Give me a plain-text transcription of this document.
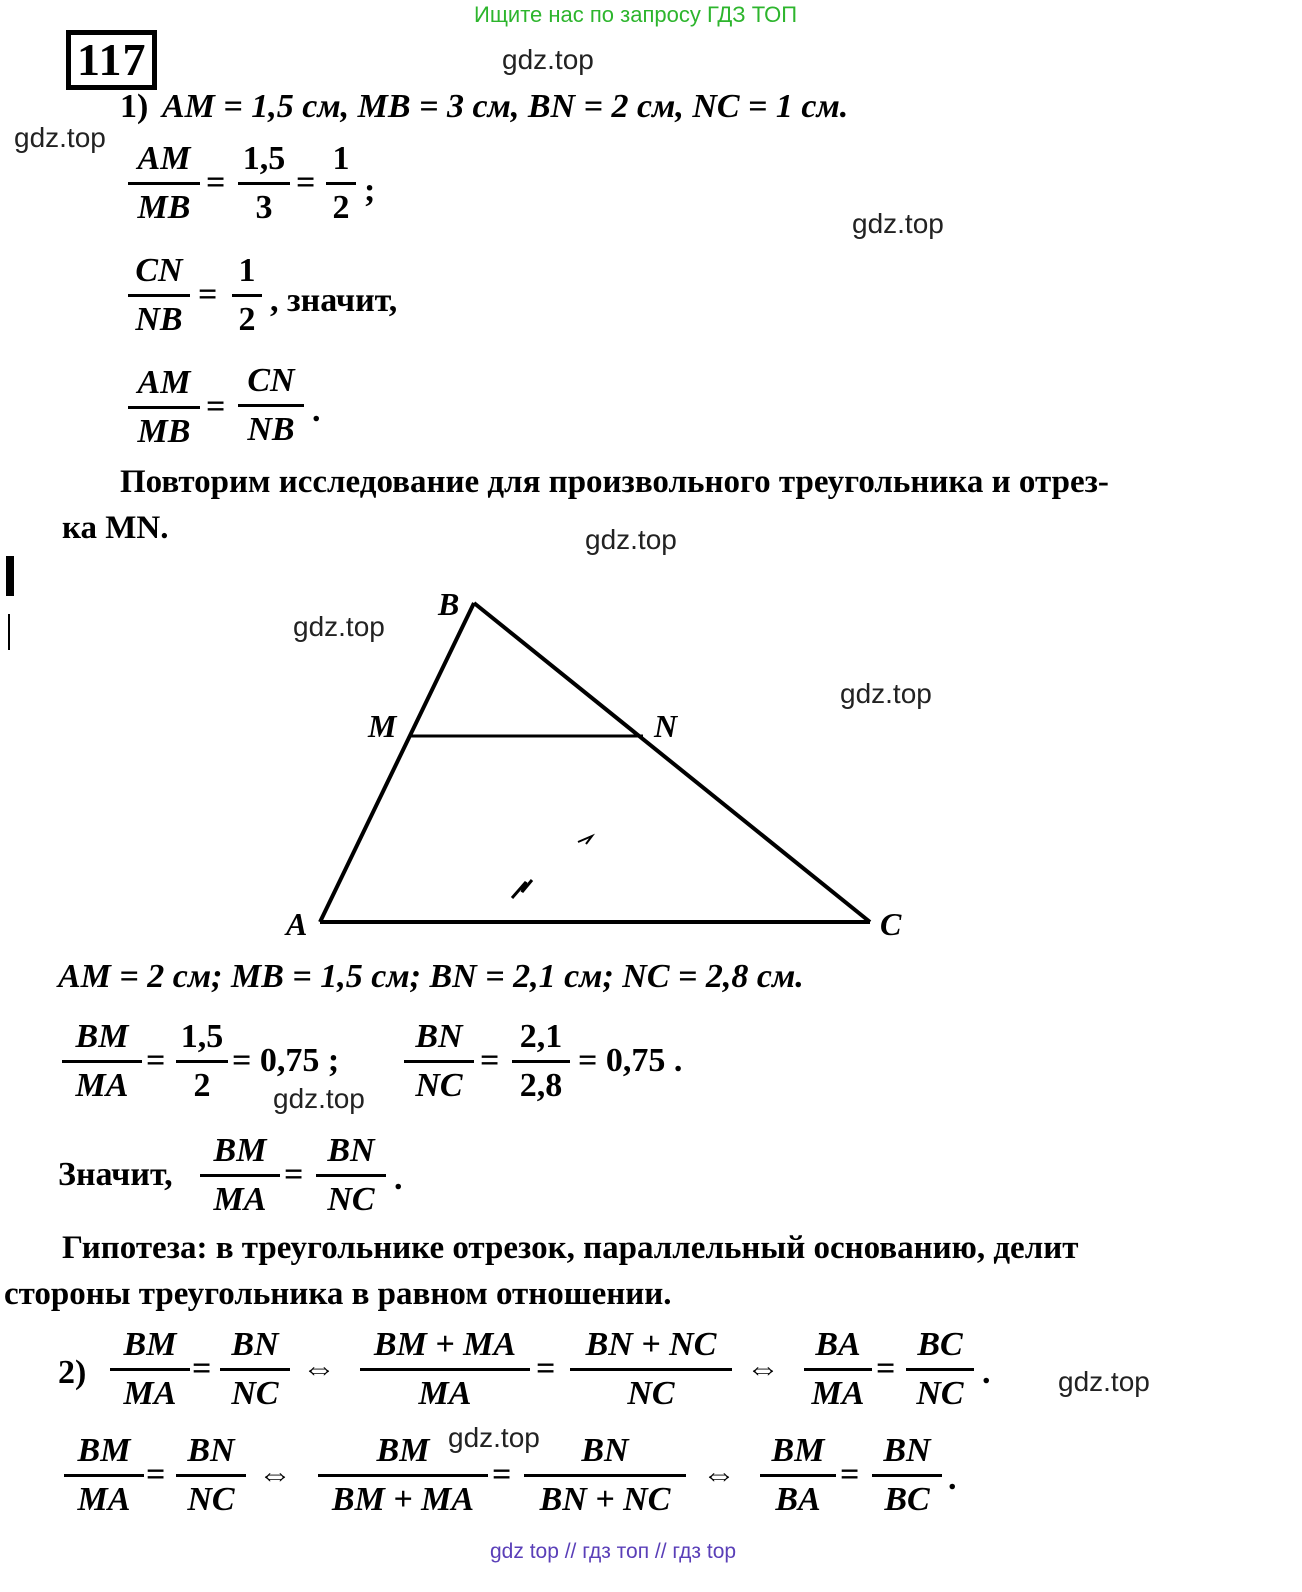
Ищите нас по запросу ГДЗ ТОП
gdz top // гдз топ // гдз top
gdz.top
gdz.top
gdz.top
gdz.top
gdz.top
gdz.top
gdz.top
gdz.top
gdz.top
117
1) AM = 1,5 см, MB = 3 см, BN = 2 см, NC = 1 см.
$\frac{AM}{MB} = \frac{1,5}{3} = \frac{1}{2}$ ;
$\frac{CN}{NB} = \frac{1}{2}$ , значит,
$\frac{AM}{MB} = \frac{CN}{NB}$ .
Повторим исследование для произвольного треугольника и отрез-
ка MN.
B
M	N
A	C
AM = 2 см; MB = 1,5 см; BN = 2,1 см; NC = 2,8 см.
$\frac{BM}{MA} = \frac{1,5}{2} = 0,75$ ; $\frac{BN}{NC} = \frac{2,1}{2,8} = 0,75$ .
Значит, $\frac{BM}{MA} = \frac{BN}{NC}$ .
Гипотеза: в треугольнике отрезок, параллельный основанию, делит
стороны треугольника в равном отношении.
$2) \frac{BM}{MA} = \frac{BN}{NC}$ ⇔ $\frac{BM + MA}{MA} = \frac{BN + NC}{NC}$ ⇔ $\frac{BA}{MA} = \frac{BC}{NC}$ .
$\frac{BM}{MA} = \frac{BN}{NC}$ ⇔ $\frac{BM}{BM + MA} = \frac{BN}{BN + NC}$ ⇔ $\frac{BM}{BA} = \frac{BN}{BC}$ .
